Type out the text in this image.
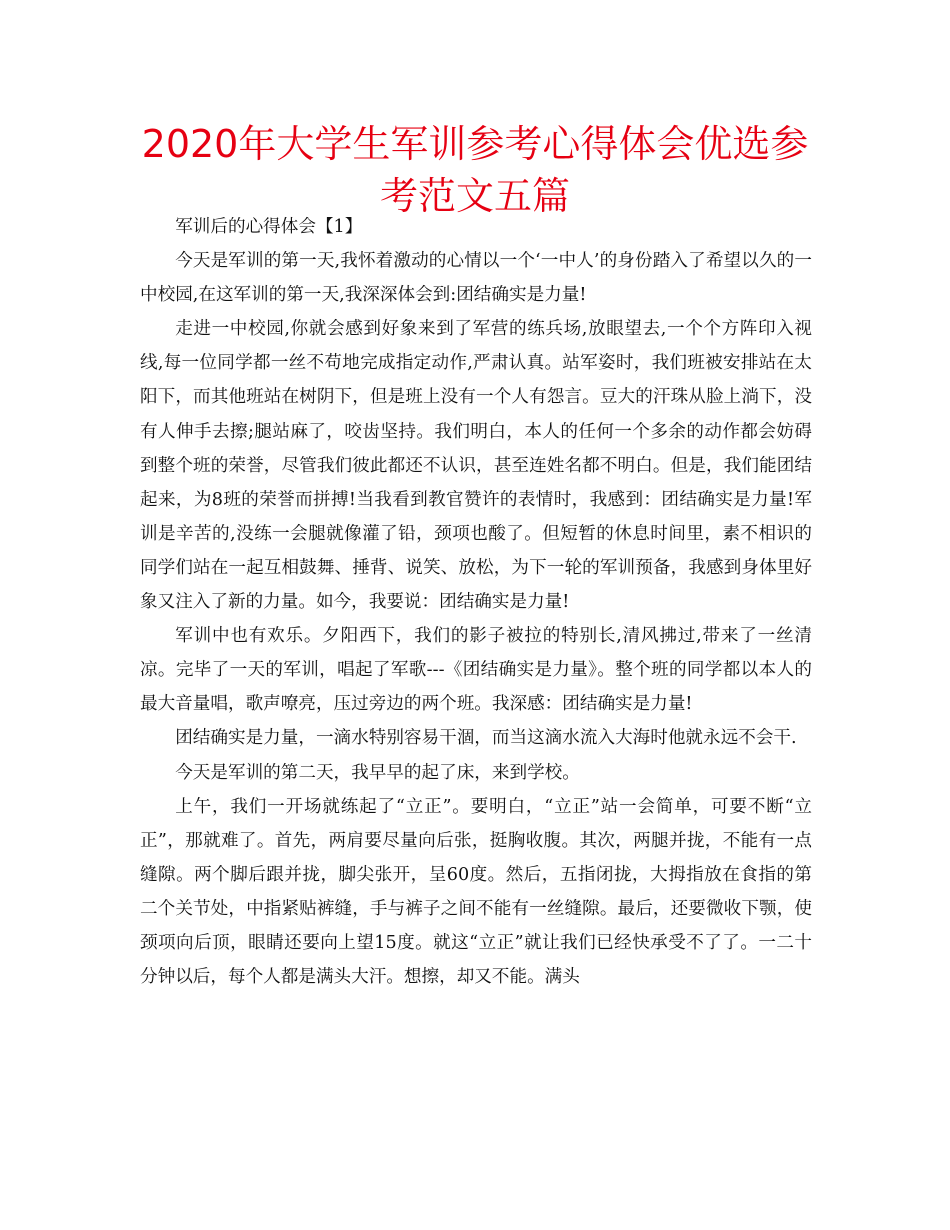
2020年大学生军训参考心得体会优选参考范文五篇

军训后的心得体会【1】

今天是军训的第一天,我怀着激动的心情以一个‘一中人’的身份踏入了希望以久的一中校园,在这军训的第一天,我深深体会到:团结确实是力量!

走进一中校园,你就会感到好象来到了军营的练兵场,放眼望去,一个个方阵印入视线,每一位同学都一丝不苟地完成指定动作,严肃认真。站军姿时，我们班被安排站在太阳下，而其他班站在树阴下，但是班上没有一个人有怨言。豆大的汗珠从脸上淌下，没有人伸手去擦;腿站麻了，咬齿坚持。我们明白，本人的任何一个多余的动作都会妨碍到整个班的荣誉，尽管我们彼此都还不认识，甚至连姓名都不明白。但是，我们能团结起来，为8班的荣誉而拼搏!当我看到教官赞许的表情时，我感到：团结确实是力量!军训是辛苦的,没练一会腿就像灌了铅，颈项也酸了。但短暂的休息时间里，素不相识的同学们站在一起互相鼓舞、捶背、说笑、放松，为下一轮的军训预备，我感到身体里好象又注入了新的力量。如今，我要说：团结确实是力量!

军训中也有欢乐。夕阳西下，我们的影子被拉的特别长,清风拂过,带来了一丝清凉。完毕了一天的军训，唱起了军歌---《团结确实是力量》。整个班的同学都以本人的最大音量唱，歌声嘹亮，压过旁边的两个班。我深感：团结确实是力量!

团结确实是力量，一滴水特别容易干涸，而当这滴水流入大海时他就永远不会干.

今天是军训的第二天，我早早的起了床，来到学校。

上午，我们一开场就练起了“立正”。要明白，“立正”站一会简单，可要不断“立正”，那就难了。首先，两肩要尽量向后张，挺胸收腹。其次，两腿并拢，不能有一点缝隙。两个脚后跟并拢，脚尖张开，呈60度。然后，五指闭拢，大拇指放在食指的第二个关节处，中指紧贴裤缝，手与裤子之间不能有一丝缝隙。最后，还要微收下颚，使颈项向后顶，眼睛还要向上望15度。就这“立正”就让我们已经快承受不了了。一二十分钟以后，每个人都是满头大汗。想擦，却又不能。满头
